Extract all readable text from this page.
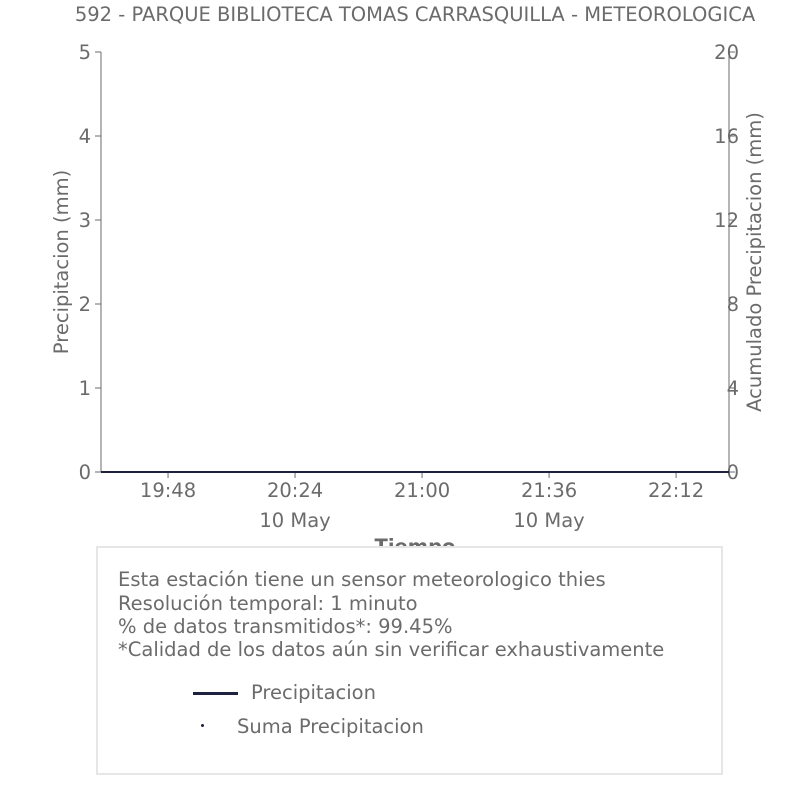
592 - PARQUE BIBLIOTECA TOMAS CARRASQUILLA - METEOROLOGICA
0
1
2
3
4
5
0
4
8
12
16
20
19:48	20:24
10 May
21:00	21:36
10 May
22:12
Precipitacion (mm)	Acumulado Precipitacion (mm)
Esta estación tiene un sensor meteorologico thies
Resolución temporal: 1 minuto
% de datos transmitidos*: 99.45%
*Calidad de los datos aún sin verificar exhaustivamente
Precipitacion
Suma Precipitacion
